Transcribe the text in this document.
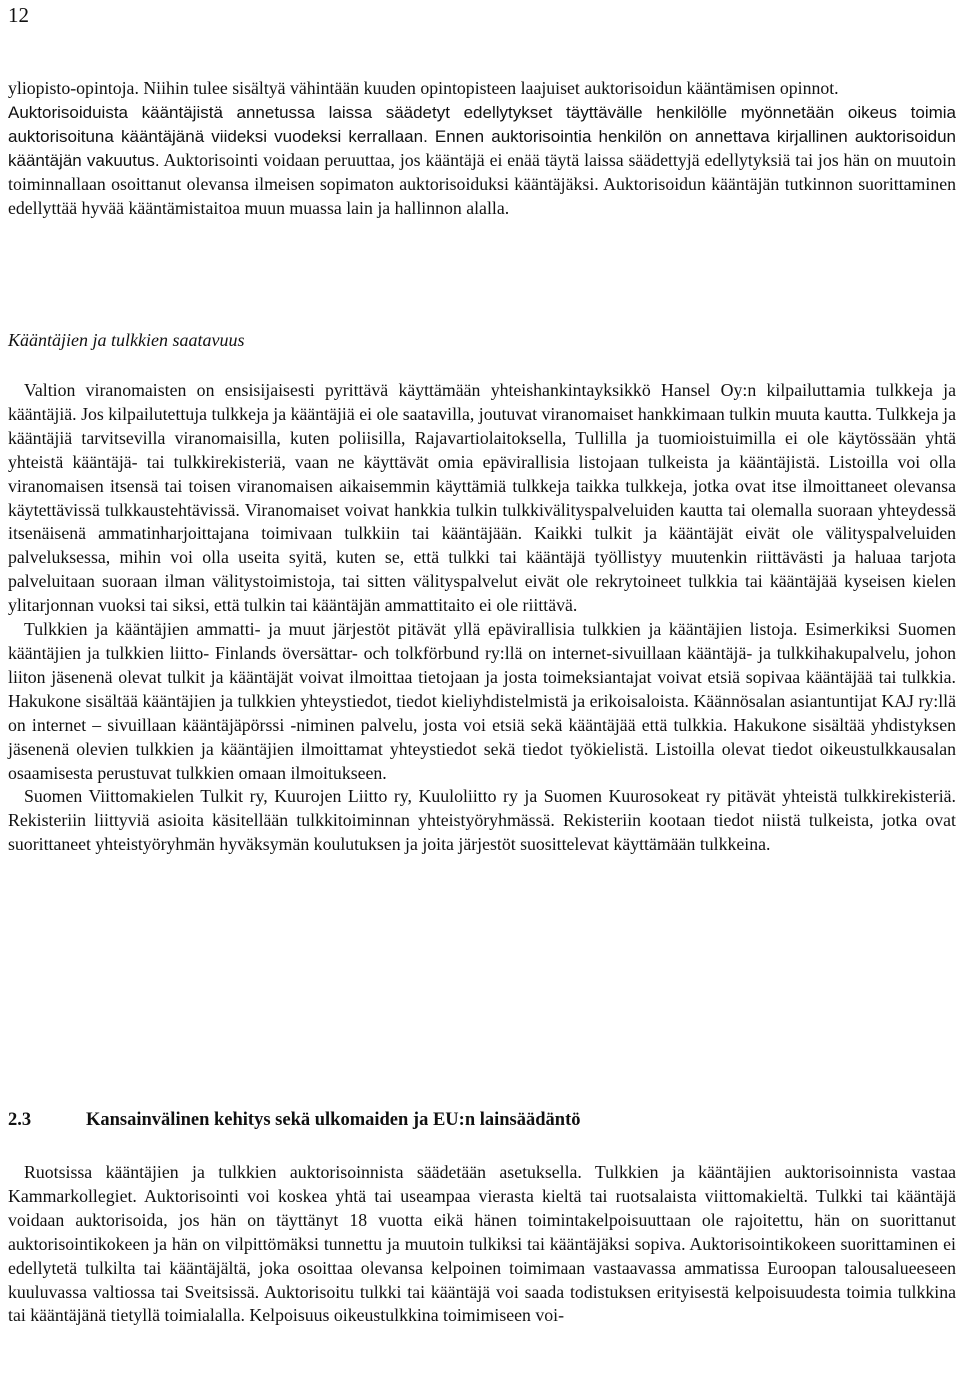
12

yliopisto-opintoja. Niihin tulee sisältyä vähintään kuuden opintopisteen laajuiset auktorisoidun kääntämisen opinnot.
Auktorisoiduista kääntäjistä annetussa laissa säädetyt edellytykset täyttävälle henkilölle myönnetään oikeus toimia auktorisoituna kääntäjänä viideksi vuodeksi kerrallaan. Ennen auktorisointia henkilön on annettava kirjallinen auktorisoidun kääntäjän vakuutus. Auktorisointi voidaan peruuttaa, jos kääntäjä ei enää täytä laissa säädettyjä edellytyksiä tai jos hän on muutoin toiminnallaan osoittanut olevansa ilmeisen sopimaton auktorisoiduksi kääntäjäksi. Auktorisoidun kääntäjän tutkinnon suorittaminen edellyttää hyvää kääntämistaitoa muun muassa lain ja hallinnon alalla.

Kääntäjien ja tulkkien saatavuus

Valtion viranomaisten on ensisijaisesti pyrittävä käyttämään yhteishankintayksikkö Hansel Oy:n kilpailuttamia tulkkeja ja kääntäjiä. Jos kilpailutettuja tulkkeja ja kääntäjiä ei ole saatavilla, joutuvat viranomaiset hankkimaan tulkin muuta kautta. Tulkkeja ja kääntäjiä tarvitsevilla viranomaisilla, kuten poliisilla, Rajavartiolaitoksella, Tullilla ja tuomioistuimilla ei ole käytössään yhtä yhteistä kääntäjä- tai tulkkirekisteriä, vaan ne käyttävät omia epävirallisia listojaan tulkeista ja kääntäjistä. Listoilla voi olla viranomaisen itsensä tai toisen viranomaisen aikaisemmin käyttämiä tulkkeja taikka tulkkeja, jotka ovat itse ilmoittaneet olevansa käytettävissä tulkkaustehtävissä. Viranomaiset voivat hankkia tulkin tulkkivälityspalveluiden kautta tai olemalla suoraan yhteydessä itsenäisenä ammatinharjoittajana toimivaan tulkkiin tai kääntäjään. Kaikki tulkit ja kääntäjät eivät ole välityspalveluiden palveluksessa, mihin voi olla useita syitä, kuten se, että tulkki tai kääntäjä työllistyy muutenkin riittävästi ja haluaa tarjota palveluitaan suoraan ilman välitystoimistoja, tai sitten välityspalvelut eivät ole rekrytoineet tulkkia tai kääntäjää kyseisen kielen ylitarjonnan vuoksi tai siksi, että tulkin tai kääntäjän ammattitaito ei ole riittävä.

Tulkkien ja kääntäjien ammatti- ja muut järjestöt pitävät yllä epävirallisia tulkkien ja kääntäjien listoja. Esimerkiksi Suomen kääntäjien ja tulkkien liitto- Finlands översättar- och tolkförbund ry:llä on internet-sivuillaan kääntäjä- ja tulkkihakupalvelu, johon liiton jäsenenä olevat tulkit ja kääntäjät voivat ilmoittaa tietojaan ja josta toimeksiantajat voivat etsiä sopivaa kääntäjää tai tulkkia. Hakukone sisältää kääntäjien ja tulkkien yhteystiedot, tiedot kieliyhdistelmistä ja erikoisaloista. Käännösalan asiantuntijat KAJ ry:llä on internet – sivuillaan kääntäjäpörssi -niminen palvelu, josta voi etsiä sekä kääntäjää että tulkkia. Hakukone sisältää yhdistyksen jäsenenä olevien tulkkien ja kääntäjien ilmoittamat yhteystiedot sekä tiedot työkielistä. Listoilla olevat tiedot oikeustulkkausalan osaamisesta perustuvat tulkkien omaan ilmoitukseen.

Suomen Viittomakielen Tulkit ry, Kuurojen Liitto ry, Kuuloliitto ry ja Suomen Kuurosokeat ry pitävät yhteistä tulkkirekisteriä. Rekisteriin liittyviä asioita käsitellään tulkkitoiminnan yhteistyöryhmässä. Rekisteriin kootaan tiedot niistä tulkeista, jotka ovat suorittaneet yhteistyöryhmän hyväksymän koulutuksen ja joita järjestöt suosittelevat käyttämään tulkkeina.

2.3	Kansainvälinen kehitys sekä ulkomaiden ja EU:n lainsäädäntö

Ruotsissa kääntäjien ja tulkkien auktorisoinnista säädetään asetuksella. Tulkkien ja kääntäjien auktorisoinnista vastaa Kammarkollegiet. Auktorisointi voi koskea yhtä tai useampaa vierasta kieltä tai ruotsalaista viittomakieltä. Tulkki tai kääntäjä voidaan auktorisoida, jos hän on täyttänyt 18 vuotta eikä hänen toimintakelpoisuuttaan ole rajoitettu, hän on suorittanut auktorisointikokeen ja hän on vilpittömäksi tunnettu ja muutoin tulkiksi tai kääntäjäksi sopiva. Auktorisointikokeen suorittaminen ei edellytetä tulkilta tai kääntäjältä, joka osoittaa olevansa kelpoinen toimimaan vastaavassa ammatissa Euroopan talousalueeseen kuuluvassa valtiossa tai Sveitsissä. Auktorisoitu tulkki tai kääntäjä voi saada todistuksen erityisestä kelpoisuudesta toimia tulkkina tai kääntäjänä tietyllä toimialalla. Kelpoisuus oikeustulkkina toimimiseen voi-
